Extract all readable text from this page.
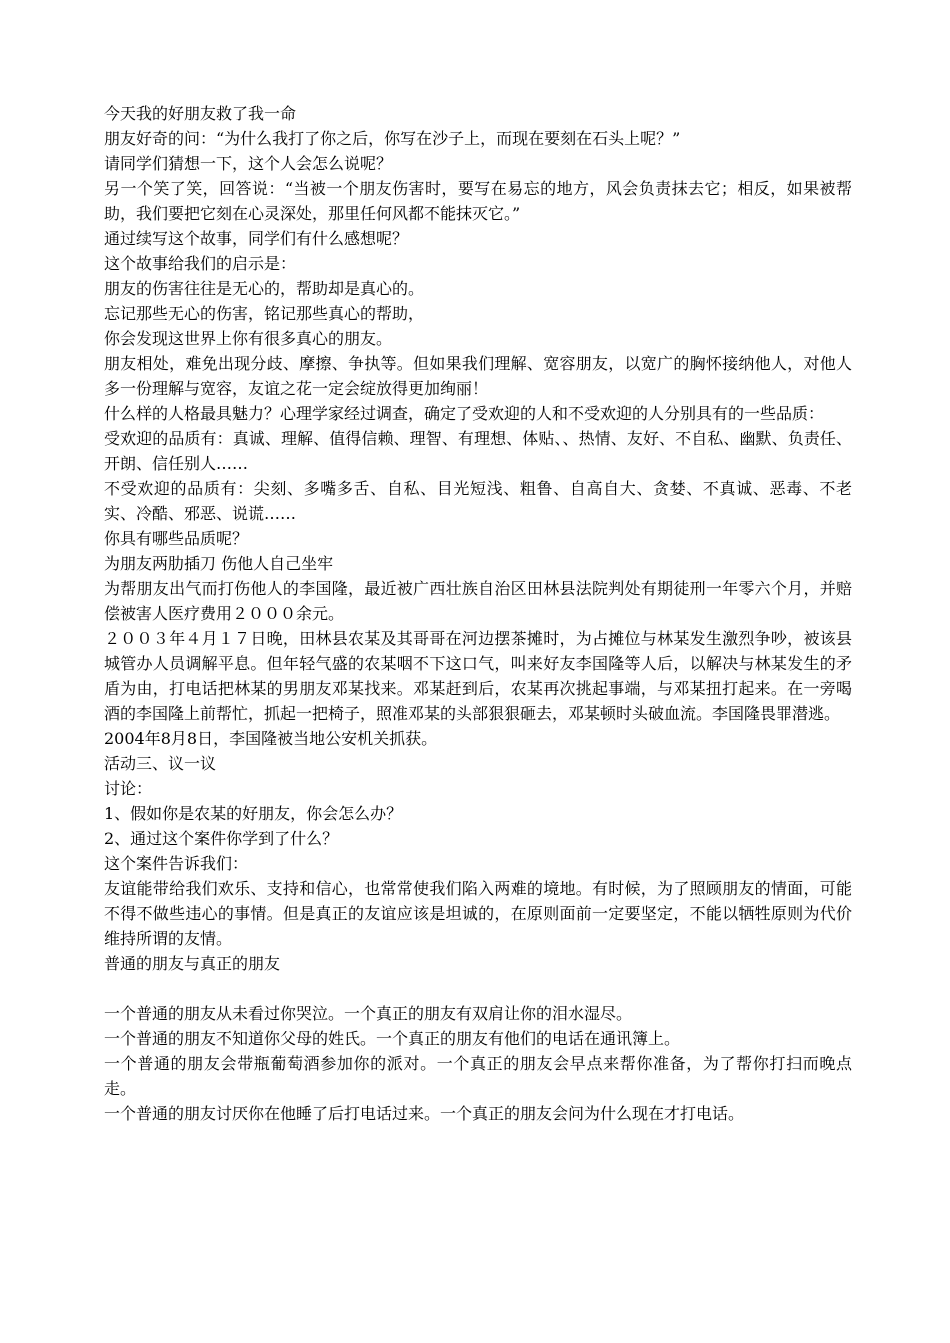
今天我的好朋友救了我一命

朋友好奇的问：“为什么我打了你之后，你写在沙子上，而现在要刻在石头上呢？”

请同学们猜想一下，这个人会怎么说呢？

另一个笑了笑，回答说：“当被一个朋友伤害时，要写在易忘的地方，风会负责抹去它；相反，如果被帮助，我们要把它刻在心灵深处，那里任何风都不能抹灭它。”

通过续写这个故事，同学们有什么感想呢？

这个故事给我们的启示是：

朋友的伤害往往是无心的，帮助却是真心的。

忘记那些无心的伤害，铭记那些真心的帮助，

你会发现这世界上你有很多真心的朋友。

朋友相处，难免出现分歧、摩擦、争执等。但如果我们理解、宽容朋友，以宽广的胸怀接纳他人，对他人多一份理解与宽容，友谊之花一定会绽放得更加绚丽！

什么样的人格最具魅力？心理学家经过调查，确定了受欢迎的人和不受欢迎的人分别具有的一些品质：

受欢迎的品质有：真诚、理解、值得信赖、理智、有理想、体贴、、热情、友好、不自私、幽默、负责任、开朗、信任别人……

不受欢迎的品质有：尖刻、多嘴多舌、自私、目光短浅、粗鲁、自高自大、贪婪、不真诚、恶毒、不老实、冷酷、邪恶、说谎……

你具有哪些品质呢？

为朋友两肋插刀 伤他人自己坐牢

为帮朋友出气而打伤他人的李国隆，最近被广西壮族自治区田林县法院判处有期徒刑一年零六个月，并赔偿被害人医疗费用２０００余元。

２００３年４月１７日晚，田林县农某及其哥哥在河边摆茶摊时，为占摊位与林某发生激烈争吵，被该县城管办人员调解平息。但年轻气盛的农某咽不下这口气，叫来好友李国隆等人后，以解决与林某发生的矛盾为由，打电话把林某的男朋友邓某找来。邓某赶到后，农某再次挑起事端，与邓某扭打起来。在一旁喝酒的李国隆上前帮忙，抓起一把椅子，照准邓某的头部狠狠砸去，邓某顿时头破血流。李国隆畏罪潜逃。

2004年8月8日，李国隆被当地公安机关抓获。

活动三、议一议

讨论：

1、假如你是农某的好朋友，你会怎么办？

2、通过这个案件你学到了什么？

这个案件告诉我们：

友谊能带给我们欢乐、支持和信心，也常常使我们陷入两难的境地。有时候，为了照顾朋友的情面，可能不得不做些违心的事情。但是真正的友谊应该是坦诚的，在原则面前一定要坚定，不能以牺牲原则为代价维持所谓的友情。

普通的朋友与真正的朋友

一个普通的朋友从未看过你哭泣。一个真正的朋友有双肩让你的泪水湿尽。

一个普通的朋友不知道你父母的姓氏。一个真正的朋友有他们的电话在通讯簿上。

一个普通的朋友会带瓶葡萄酒参加你的派对。一个真正的朋友会早点来帮你准备，为了帮你打扫而晚点走。

一个普通的朋友讨厌你在他睡了后打电话过来。一个真正的朋友会问为什么现在才打电话。
